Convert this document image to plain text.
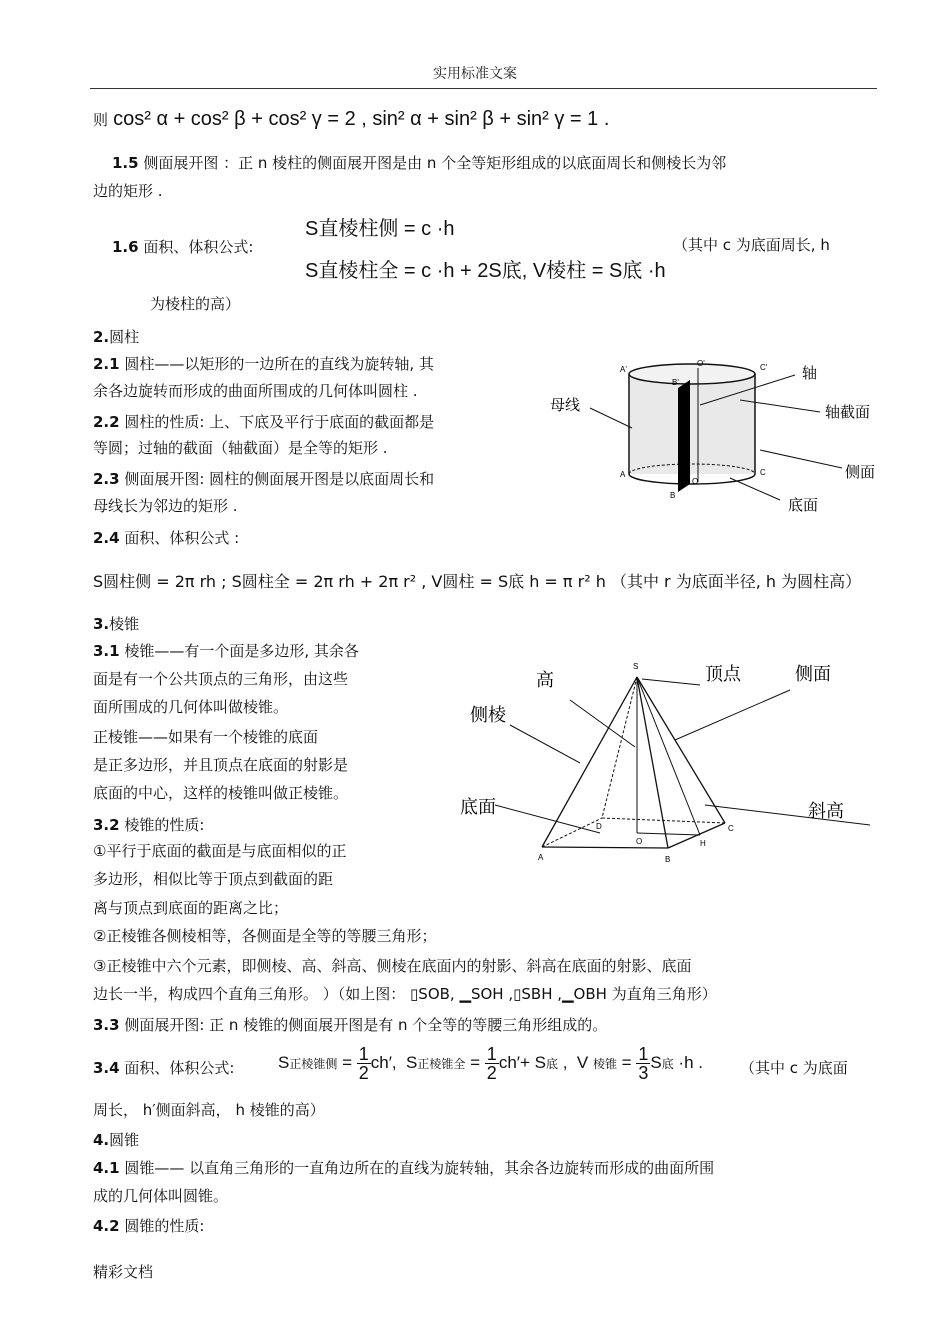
实用标准文案
则 cos² α + cos² β + cos² γ = 2 , sin² α + sin² β + sin² γ = 1 .
1.5 侧面展开图 ：正 n 棱柱的侧面展开图是由 n 个全等矩形组成的以底面周长和侧棱长为邻
边的矩形 .
1.6 面积、体积公式:
S直棱柱侧 = c ·h
S直棱柱全 = c ·h + 2S底, V棱柱 = S底 ·h
（其中 c 为底面周长, h
为棱柱的高）
2.圆柱
2.1 圆柱——以矩形的一边所在的直线为旋转轴, 其
余各边旋转而形成的曲面所围成的几何体叫圆柱 .
2.2 圆柱的性质: 上、下底及平行于底面的截面都是
等圆；过轴的截面（轴截面）是全等的矩形 .
2.3 侧面展开图: 圆柱的侧面展开图是以底面周长和
母线长为邻边的矩形 .
2.4 面积、体积公式 :
S圆柱侧 = 2π rh ; S圆柱全 = 2π rh + 2π r² , V圆柱 = S底 h = π r² h （其中 r 为底面半径, h 为圆柱高）
A'
O'	C'
B'
A
O
C
B
轴
母线	轴截面
侧面
底面
3.棱锥
3.1 棱锥——有一个面是多边形, 其余各
面是有一个公共顶点的三角形，由这些
面所围成的几何体叫做棱锥。
正棱锥——如果有一个棱锥的底面
是正多边形，并且顶点在底面的射影是
底面的中心，这样的棱锥叫做正棱锥。
3.2 棱锥的性质:
①平行于底面的截面是与底面相似的正
多边形，相似比等于顶点到截面的距
离与顶点到底面的距离之比；
②正棱锥各侧棱相等，各侧面是全等的等腰三角形；
③正棱锥中六个元素，即侧棱、高、斜高、侧棱在底面内的射影、斜高在底面的射影、底面
边长一半，构成四个直角三角形。 ）（如上图： ▯SOB, ▁SOH ,▯SBH ,▁OBH 为直角三角形）
S
A	B
C
D
O	H
高	顶点	侧面
侧棱
底面	斜高
3.3 侧面展开图: 正 n 棱锥的侧面展开图是有 n 个全等的等腰三角形组成的。
3.4 面积、体积公式:	S正棱锥侧 = $\frac{1}{2} ch'$,  S正棱锥全 = $\frac{1}{2} ch'+ S$底 ,  V 棱锥 = $\frac{1}{3}$ S底 ·h . （其中 c 为底面
周长， h′侧面斜高， h 棱锥的高）
4.圆锥
4.1 圆锥—— 以直角三角形的一直角边所在的直线为旋转轴，其余各边旋转而形成的曲面所围
成的几何体叫圆锥。
4.2 圆锥的性质:
精彩文档
